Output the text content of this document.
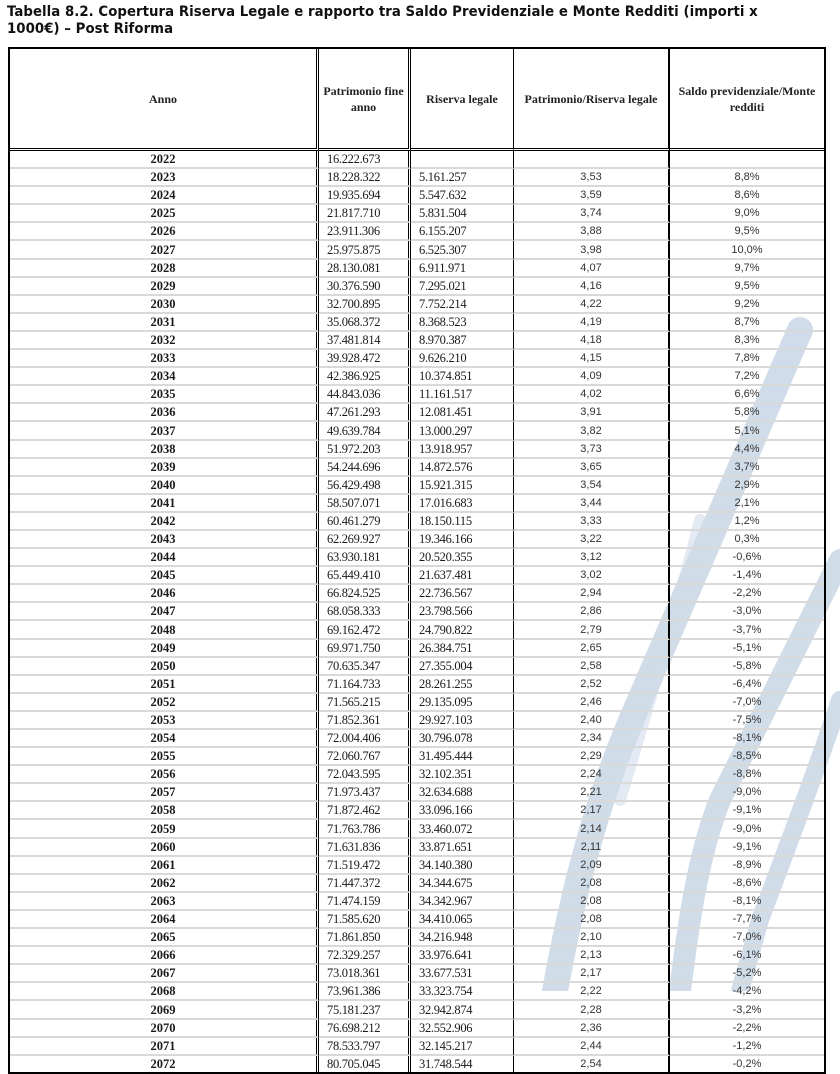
Tabella 8.2. Copertura Riserva Legale e rapporto tra Saldo Previdenziale e Monte Redditi (importi x 1000€) – Post Riforma
Anno	Patrimonio fine anno	Riserva legale	Patrimonio/Riserva legale	Saldo previdenziale/Monte redditi
2022	16.222.673			
2023	18.228.322	5.161.257	3,53	8,8%
2024	19.935.694	5.547.632	3,59	8,6%
2025	21.817.710	5.831.504	3,74	9,0%
2026	23.911.306	6.155.207	3,88	9,5%
2027	25.975.875	6.525.307	3,98	10,0%
2028	28.130.081	6.911.971	4,07	9,7%
2029	30.376.590	7.295.021	4,16	9,5%
2030	32.700.895	7.752.214	4,22	9,2%
2031	35.068.372	8.368.523	4,19	8,7%
2032	37.481.814	8.970.387	4,18	8,3%
2033	39.928.472	9.626.210	4,15	7,8%
2034	42.386.925	10.374.851	4,09	7,2%
2035	44.843.036	11.161.517	4,02	6,6%
2036	47.261.293	12.081.451	3,91	5,8%
2037	49.639.784	13.000.297	3,82	5,1%
2038	51.972.203	13.918.957	3,73	4,4%
2039	54.244.696	14.872.576	3,65	3,7%
2040	56.429.498	15.921.315	3,54	2,9%
2041	58.507.071	17.016.683	3,44	2,1%
2042	60.461.279	18.150.115	3,33	1,2%
2043	62.269.927	19.346.166	3,22	0,3%
2044	63.930.181	20.520.355	3,12	-0,6%
2045	65.449.410	21.637.481	3,02	-1,4%
2046	66.824.525	22.736.567	2,94	-2,2%
2047	68.058.333	23.798.566	2,86	-3,0%
2048	69.162.472	24.790.822	2,79	-3,7%
2049	69.971.750	26.384.751	2,65	-5,1%
2050	70.635.347	27.355.004	2,58	-5,8%
2051	71.164.733	28.261.255	2,52	-6,4%
2052	71.565.215	29.135.095	2,46	-7,0%
2053	71.852.361	29.927.103	2,40	-7,5%
2054	72.004.406	30.796.078	2,34	-8,1%
2055	72.060.767	31.495.444	2,29	-8,5%
2056	72.043.595	32.102.351	2,24	-8,8%
2057	71.973.437	32.634.688	2,21	-9,0%
2058	71.872.462	33.096.166	2,17	-9,1%
2059	71.763.786	33.460.072	2,14	-9,0%
2060	71.631.836	33.871.651	2,11	-9,1%
2061	71.519.472	34.140.380	2,09	-8,9%
2062	71.447.372	34.344.675	2,08	-8,6%
2063	71.474.159	34.342.967	2,08	-8,1%
2064	71.585.620	34.410.065	2,08	-7,7%
2065	71.861.850	34.216.948	2,10	-7,0%
2066	72.329.257	33.976.641	2,13	-6,1%
2067	73.018.361	33.677.531	2,17	-5,2%
2068	73.961.386	33.323.754	2,22	-4,2%
2069	75.181.237	32.942.874	2,28	-3,2%
2070	76.698.212	32.552.906	2,36	-2,2%
2071	78.533.797	32.145.217	2,44	-1,2%
2072	80.705.045	31.748.544	2,54	-0,2%
